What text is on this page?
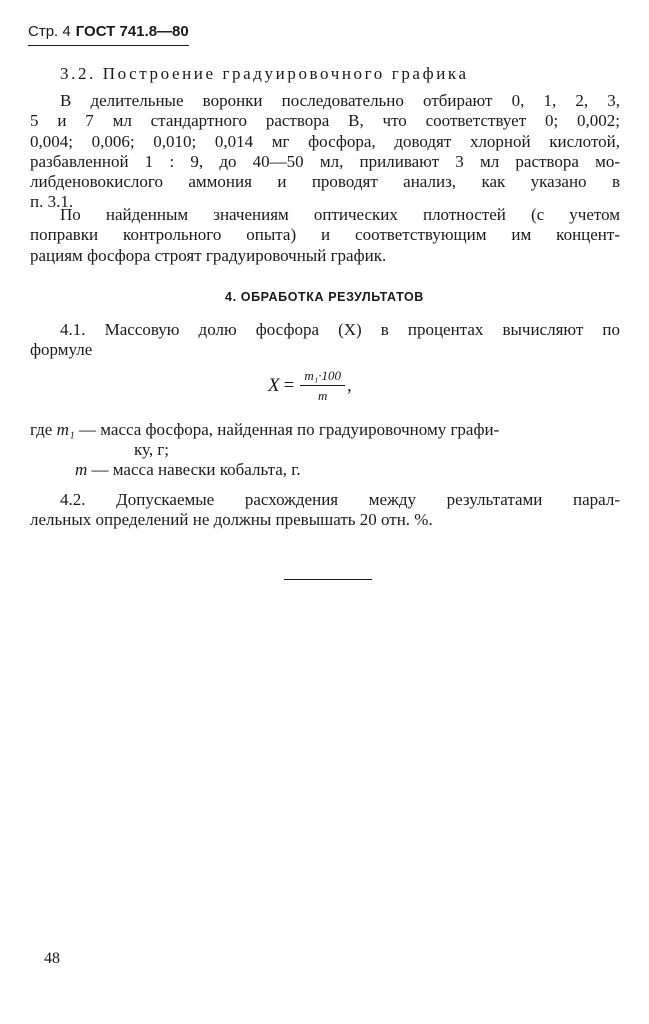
Стр. 4 ГОСТ 741.8—80

3.2. Построение градуировочного графика

В делительные воронки последовательно отбирают 0, 1, 2, 3,
5 и 7 мл стандартного раствора В, что соответствует 0; 0,002;
0,004; 0,006; 0,010; 0,014 мг фосфора, доводят хлорной кислотой,
разбавленной 1 : 9, до 40—50 мл, приливают 3 мл раствора мо-
либденовокислого аммония и проводят анализ, как указано в
п. 3.1.
По найденным значениям оптических плотностей (с учетом
поправки контрольного опыта) и соответствующим им концент-
рациям фосфора строят градуировочный график.
4. ОБРАБОТКА РЕЗУЛЬТАТОВ
4.1. Массовую долю фосфора (X) в процентах вычисляют по
формуле
$X = \frac{\text{m₁·100}}{m}$ ,
где m₁ — масса фосфора, найденная по градуировочному графи-
ку, г;
m — масса навески кобальта, г.
4.2. Допускаемые расхождения между результатами парал-
лельных определений не должны превышать 20 отн. %.
48
